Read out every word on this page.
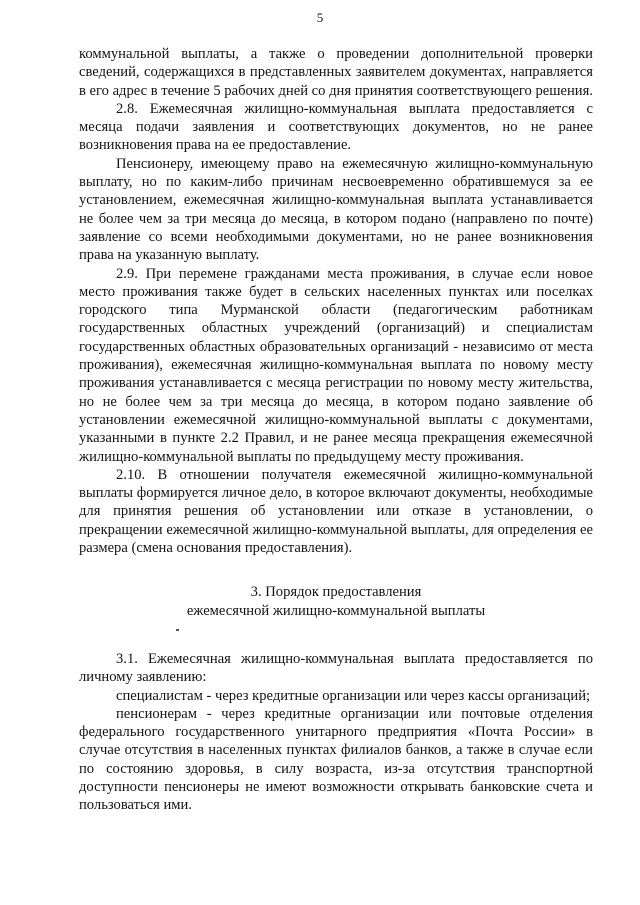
5

коммунальной выплаты, а также о проведении дополнительной проверки сведений, содержащихся в представленных заявителем документах, направляется в его адрес в течение 5 рабочих дней со дня принятия соответствующего решения.

2.8. Ежемесячная жилищно-коммунальная выплата предоставляется с месяца подачи заявления и соответствующих документов, но не ранее возникновения права на ее предоставление.

Пенсионеру, имеющему право на ежемесячную жилищно-коммунальную выплату, но по каким-либо причинам несвоевременно обратившемуся за ее установлением, ежемесячная жилищно-коммунальная выплата устанавливается не более чем за три месяца до месяца, в котором подано (направлено по почте) заявление со всеми необходимыми документами, но не ранее возникновения права на указанную выплату.

2.9. При перемене гражданами места проживания, в случае если новое место проживания также будет в сельских населенных пунктах или поселках городского типа Мурманской области (педагогическим работникам государственных областных учреждений (организаций) и специалистам государственных областных образовательных организаций - независимо от места проживания), ежемесячная жилищно-коммунальная выплата по новому месту проживания устанавливается с месяца регистрации по новому месту жительства, но не более чем за три месяца до месяца, в котором подано заявление об установлении ежемесячной жилищно-коммунальной выплаты с документами, указанными в пункте 2.2 Правил, и не ранее месяца прекращения ежемесячной жилищно-коммунальной выплаты по предыдущему месту проживания.

2.10. В отношении получателя ежемесячной жилищно-коммунальной выплаты формируется личное дело, в которое включают документы, необходимые для принятия решения об установлении или отказе в установлении, о прекращении ежемесячной жилищно-коммунальной выплаты, для определения ее размера (смена основания предоставления).

3. Порядок предоставления

ежемесячной жилищно-коммунальной выплаты

3.1. Ежемесячная жилищно-коммунальная выплата предоставляется по личному заявлению:

специалистам - через кредитные организации или через кассы организаций;

пенсионерам - через кредитные организации или почтовые отделения федерального государственного унитарного предприятия «Почта России» в случае отсутствия в населенных пунктах филиалов банков, а также в случае если по состоянию здоровья, в силу возраста, из-за отсутствия транспортной доступности пенсионеры не имеют возможности открывать банковские счета и пользоваться ими.
